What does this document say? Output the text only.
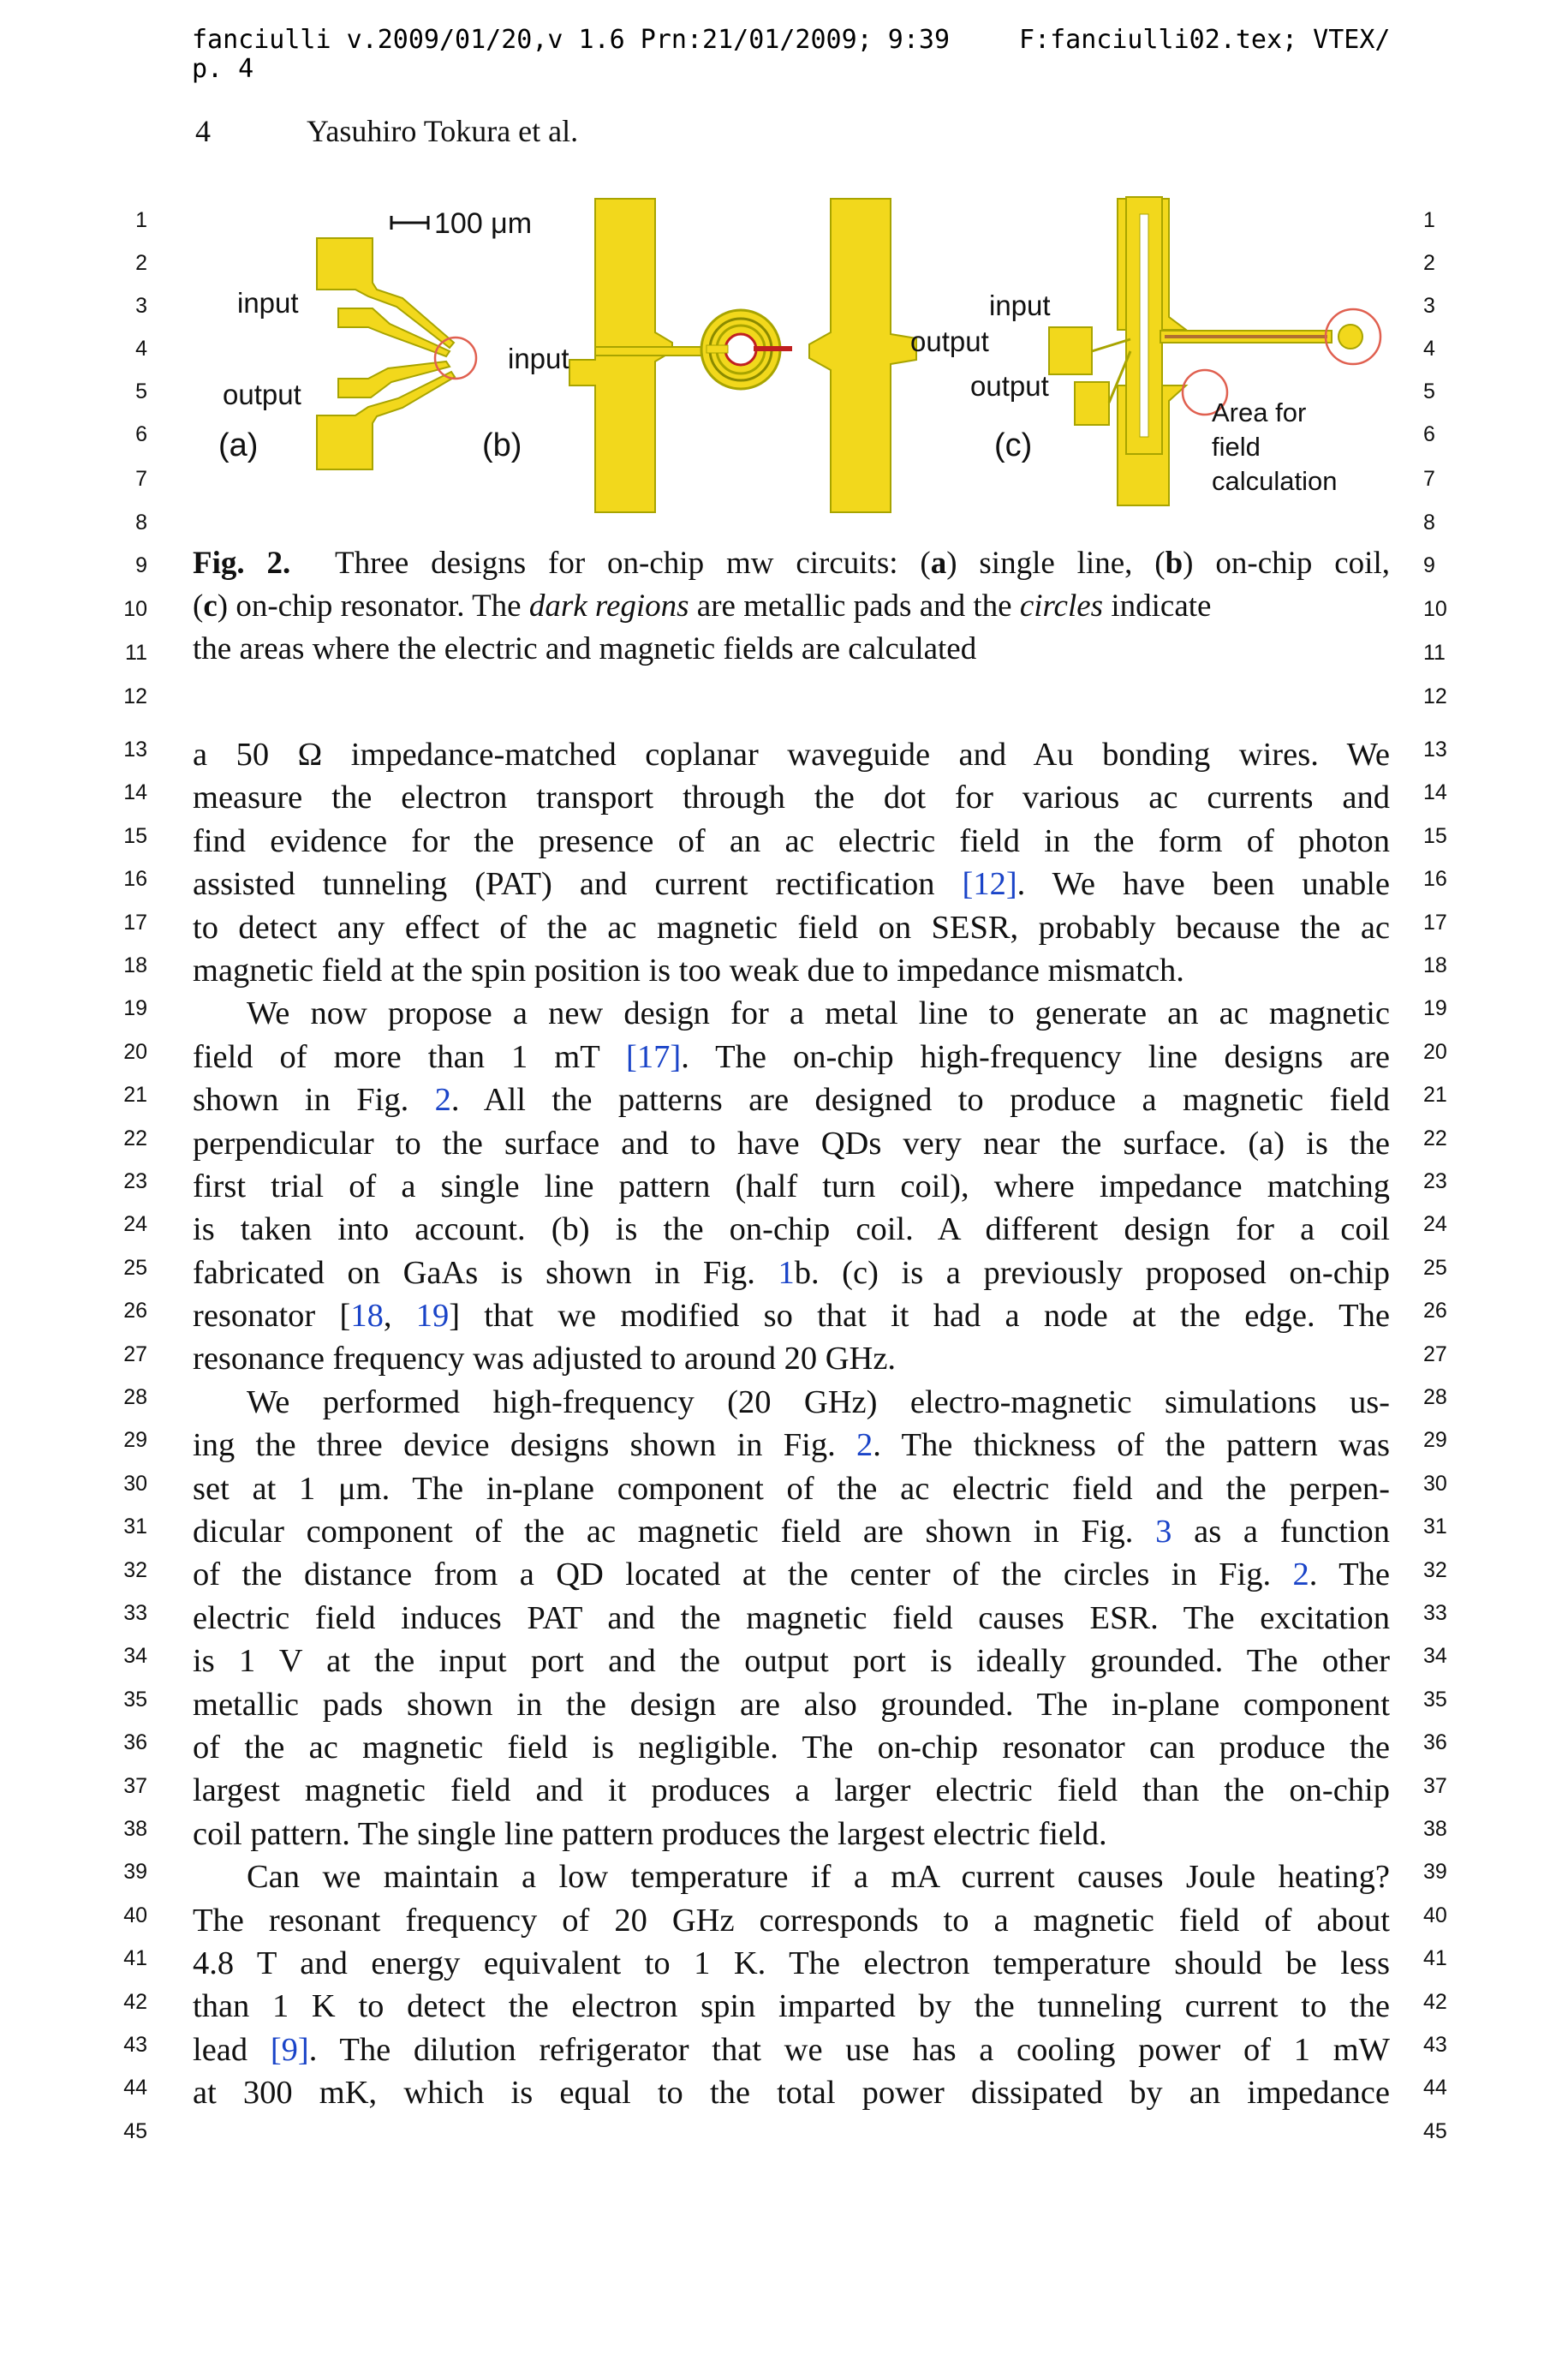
fanciulli v.2009/01/20,v 1.6 Prn:21/01/2009; 9:39
p. 4
F:fanciulli02.tex; VTEX/
4	Yasuhiro Tokura et al.
1	1
2	2
3	3
4	4
5	5
6	6
7	7
8	8
9	9
10	10
11	11
12	12
13	13
14	14
15	15
16	16
17	17
18	18
19	19
20	20
21	21
22	22
23	23
24	24
25	25
26	26
27	27
28	28
29	29
30	30
31	31
32	32
33	33
34	34
35	35
36	36
37	37
38	38
39	39
40	40
41	41
42	42
43	43
44	44
45	45
100 μm
input
output
(a)
input
(b)
input
output
output
(c)
Area for
field
calculation
Fig. 2. Three designs for on-chip mw circuits: (a) single line, (b) on-chip coil,
(c) on-chip resonator. The dark regions are metallic pads and the circles indicate
the areas where the electric and magnetic fields are calculated
a 50 Ω impedance-matched coplanar waveguide and Au bonding wires. We
measure the electron transport through the dot for various ac currents and
find evidence for the presence of an ac electric field in the form of photon
assisted tunneling (PAT) and current rectification [12]. We have been unable
to detect any effect of the ac magnetic field on SESR, probably because the ac
magnetic field at the spin position is too weak due to impedance mismatch.
We now propose a new design for a metal line to generate an ac magnetic
field of more than 1 mT [17]. The on-chip high-frequency line designs are
shown in Fig. 2. All the patterns are designed to produce a magnetic field
perpendicular to the surface and to have QDs very near the surface. (a) is the
first trial of a single line pattern (half turn coil), where impedance matching
is taken into account. (b) is the on-chip coil. A different design for a coil
fabricated on GaAs is shown in Fig. 1b. (c) is a previously proposed on-chip
resonator [18, 19] that we modified so that it had a node at the edge. The
resonance frequency was adjusted to around 20 GHz.
We performed high-frequency (20 GHz) electro-magnetic simulations us-
ing the three device designs shown in Fig. 2. The thickness of the pattern was
set at 1 μm. The in-plane component of the ac electric field and the perpen-
dicular component of the ac magnetic field are shown in Fig. 3 as a function
of the distance from a QD located at the center of the circles in Fig. 2. The
electric field induces PAT and the magnetic field causes ESR. The excitation
is 1 V at the input port and the output port is ideally grounded. The other
metallic pads shown in the design are also grounded. The in-plane component
of the ac magnetic field is negligible. The on-chip resonator can produce the
largest magnetic field and it produces a larger electric field than the on-chip
coil pattern. The single line pattern produces the largest electric field.
Can we maintain a low temperature if a mA current causes Joule heating?
The resonant frequency of 20 GHz corresponds to a magnetic field of about
4.8 T and energy equivalent to 1 K. The electron temperature should be less
than 1 K to detect the electron spin imparted by the tunneling current to the
lead [9]. The dilution refrigerator that we use has a cooling power of 1 mW
at 300 mK, which is equal to the total power dissipated by an impedance
